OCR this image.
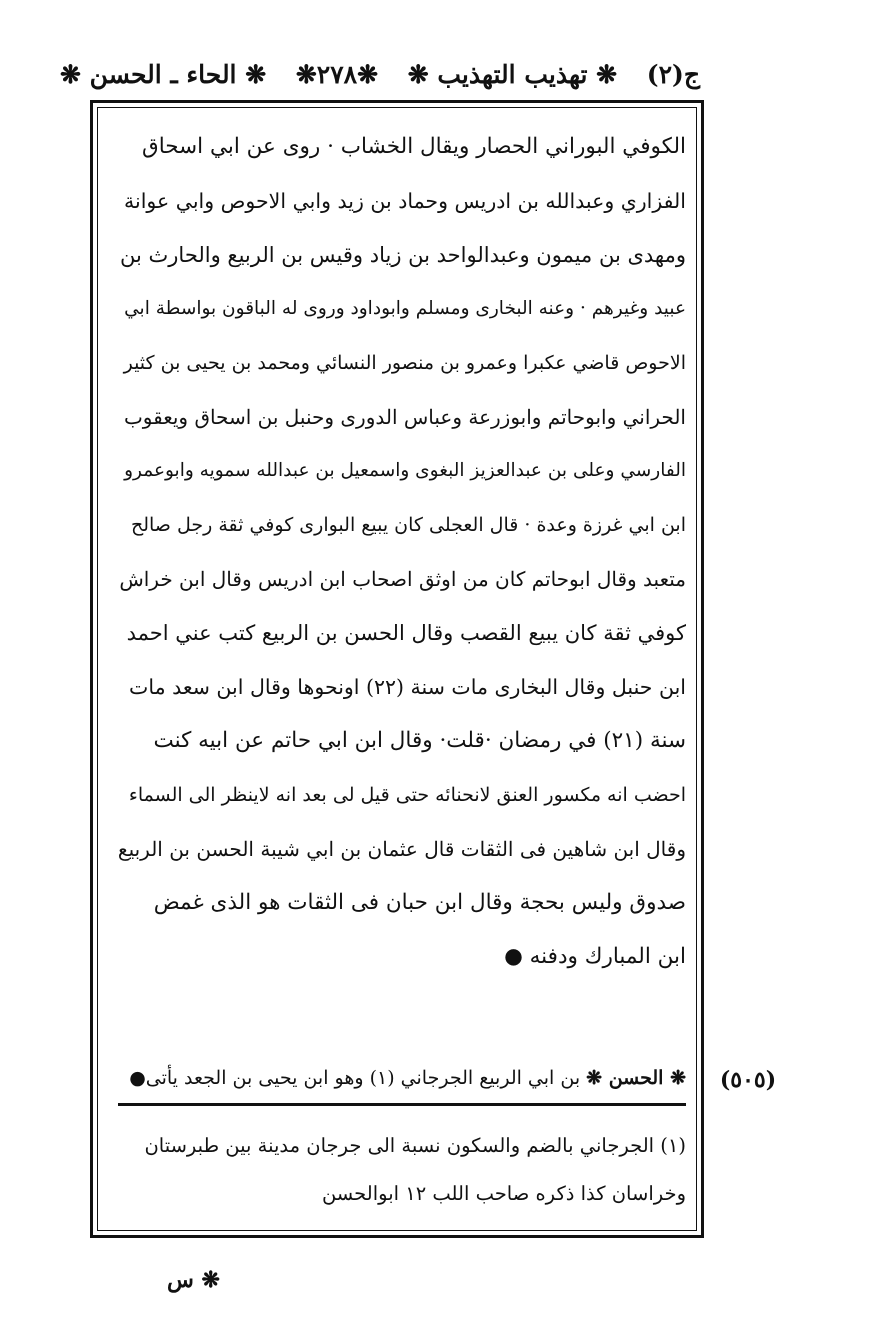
ج(٢)
❋ تهذيب التهذيب ❋
❋٢٧٨❋
❋ الحاء ـ الحسن ❋
الكوفي البوراني الحصار ويقال الخشاب · روى عن ابي اسحاق
الفزاري وعبدالله بن ادريس وحماد بن زيد وابي الاحوص وابي عوانة
ومهدى بن ميمون وعبدالواحد بن زياد وقيس بن الربيع والحارث بن
عبيد وغيرهم · وعنه البخارى ومسلم وابوداود وروى له الباقون بواسطة ابي
الاحوص قاضي عكبرا وعمرو بن منصور النسائي ومحمد بن يحيى بن كثير
الحراني وابوحاتم وابوزرعة وعباس الدورى وحنبل بن اسحاق ويعقوب
الفارسي وعلى بن عبدالعزيز البغوى واسمعيل بن عبدالله سمويه وابوعمرو
ابن ابي غرزة وعدة · قال العجلى كان يبيع البوارى كوفي ثقة رجل صالح
متعبد وقال ابوحاتم كان من اوثق اصحاب ابن ادريس وقال ابن خراش
كوفي ثقة كان يبيع القصب وقال الحسن بن الربيع كتب عني احمد
ابن حنبل وقال البخارى مات سنة (٢٢) اونحوها وقال ابن سعد مات
سنة (٢١) في رمضان ·قلت· وقال ابن ابي حاتم عن ابيه كنت
احضب انه مكسور العنق لانحنائه حتى قيل لى بعد انه لاينظر الى السماء
وقال ابن شاهين فى الثقات قال عثمان بن ابي شيبة الحسن بن الربيع
صدوق وليس بحجة وقال ابن حبان فى الثقات هو الذى غمض
ابن المبارك ودفنه ●
❋ الحسن ❋ بن ابي الربيع الجرجاني (١) وهو ابن يحيى بن الجعد يأتى●	(٥٠٥)
(١) الجرجاني بالضم والسكون نسبة الى جرجان مدينة بين طبرستان
وخراسان كذا ذكره صاحب اللب ١٢ ابوالحسن
❋ س
